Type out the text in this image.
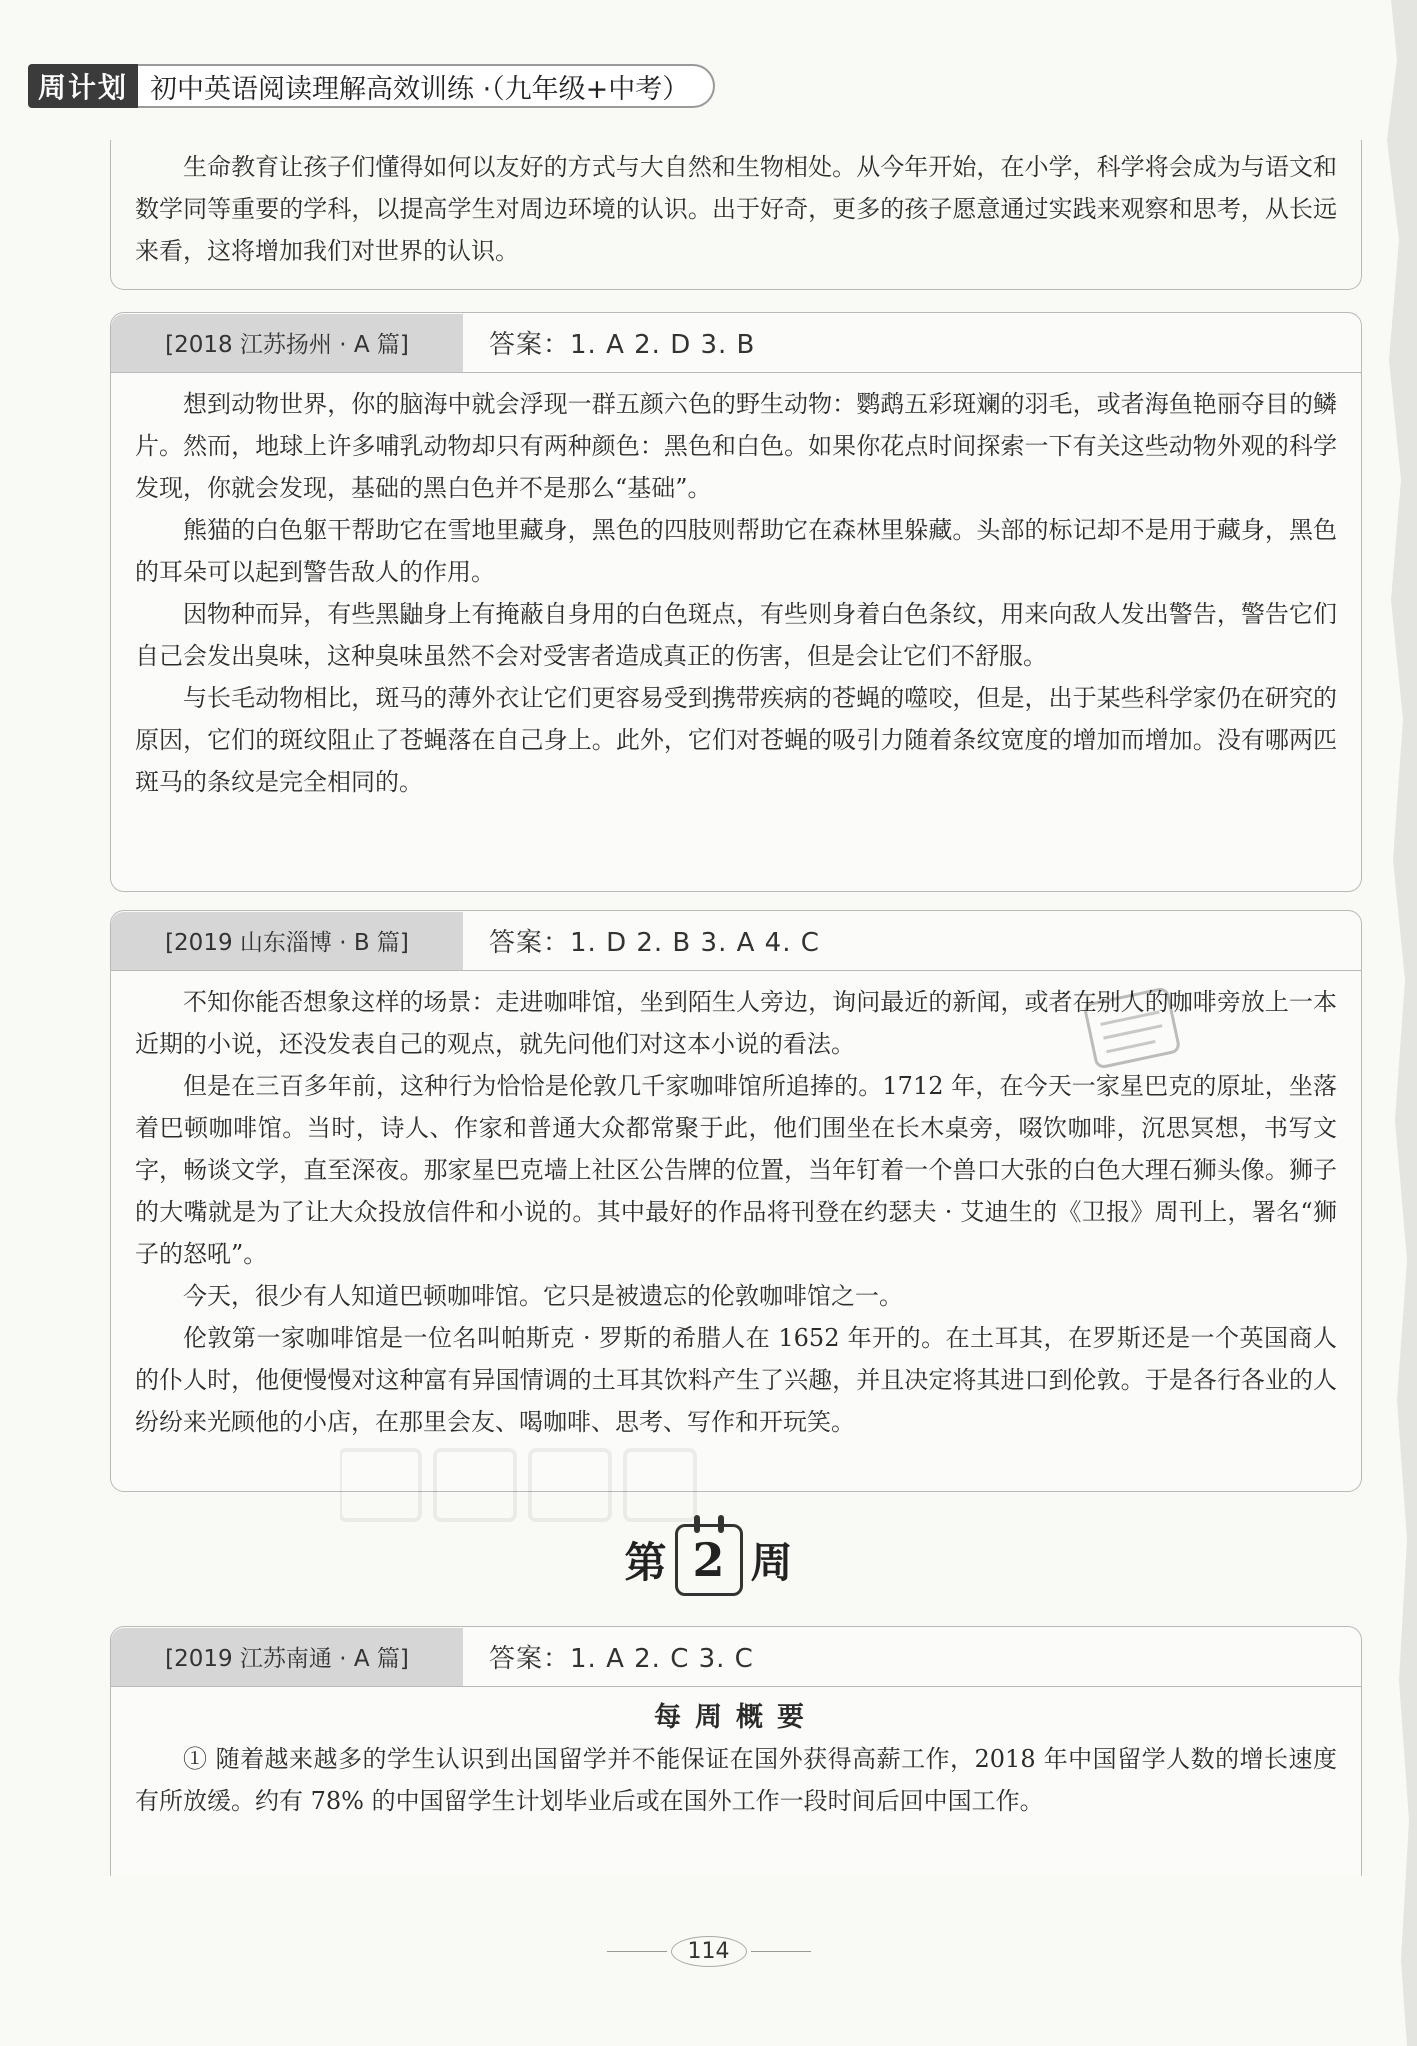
周计划 初中英语阅读理解高效训练 ·（九年级+中考）

生命教育让孩子们懂得如何以友好的方式与大自然和生物相处。从今年开始，在小学，科学将会成为与语文和数学同等重要的学科，以提高学生对周边环境的认识。出于好奇，更多的孩子愿意通过实践来观察和思考，从长远来看，这将增加我们对世界的认识。

[2018 江苏扬州 · A 篇]	答案：1. A 2. D 3. B

想到动物世界，你的脑海中就会浮现一群五颜六色的野生动物：鹦鹉五彩斑斓的羽毛，或者海鱼艳丽夺目的鳞片。然而，地球上许多哺乳动物却只有两种颜色：黑色和白色。如果你花点时间探索一下有关这些动物外观的科学发现，你就会发现，基础的黑白色并不是那么“基础”。

熊猫的白色躯干帮助它在雪地里藏身，黑色的四肢则帮助它在森林里躲藏。头部的标记却不是用于藏身，黑色的耳朵可以起到警告敌人的作用。

因物种而异，有些黑鼬身上有掩蔽自身用的白色斑点，有些则身着白色条纹，用来向敌人发出警告，警告它们自己会发出臭味，这种臭味虽然不会对受害者造成真正的伤害，但是会让它们不舒服。

与长毛动物相比，斑马的薄外衣让它们更容易受到携带疾病的苍蝇的噬咬，但是，出于某些科学家仍在研究的原因，它们的斑纹阻止了苍蝇落在自己身上。此外，它们对苍蝇的吸引力随着条纹宽度的增加而增加。没有哪两匹斑马的条纹是完全相同的。

[2019 山东淄博 · B 篇]	答案：1. D 2. B 3. A 4. C

不知你能否想象这样的场景：走进咖啡馆，坐到陌生人旁边，询问最近的新闻，或者在别人的咖啡旁放上一本近期的小说，还没发表自己的观点，就先问他们对这本小说的看法。

但是在三百多年前，这种行为恰恰是伦敦几千家咖啡馆所追捧的。1712 年，在今天一家星巴克的原址，坐落着巴顿咖啡馆。当时，诗人、作家和普通大众都常聚于此，他们围坐在长木桌旁，啜饮咖啡，沉思冥想，书写文字，畅谈文学，直至深夜。那家星巴克墙上社区公告牌的位置，当年钉着一个兽口大张的白色大理石狮头像。狮子的大嘴就是为了让大众投放信件和小说的。其中最好的作品将刊登在约瑟夫 · 艾迪生的《卫报》周刊上，署名“狮子的怒吼”。

今天，很少有人知道巴顿咖啡馆。它只是被遗忘的伦敦咖啡馆之一。

伦敦第一家咖啡馆是一位名叫帕斯克 · 罗斯的希腊人在 1652 年开的。在土耳其，在罗斯还是一个英国商人的仆人时，他便慢慢对这种富有异国情调的土耳其饮料产生了兴趣，并且决定将其进口到伦敦。于是各行各业的人纷纷来光顾他的小店，在那里会友、喝咖啡、思考、写作和开玩笑。

第 2 周
[2019 江苏南通 · A 篇]	答案：1. A 2. C 3. C
每周概要

① 随着越来越多的学生认识到出国留学并不能保证在国外获得高薪工作，2018 年中国留学人数的增长速度有所放缓。约有 78% 的中国留学生计划毕业后或在国外工作一段时间后回中国工作。

114
